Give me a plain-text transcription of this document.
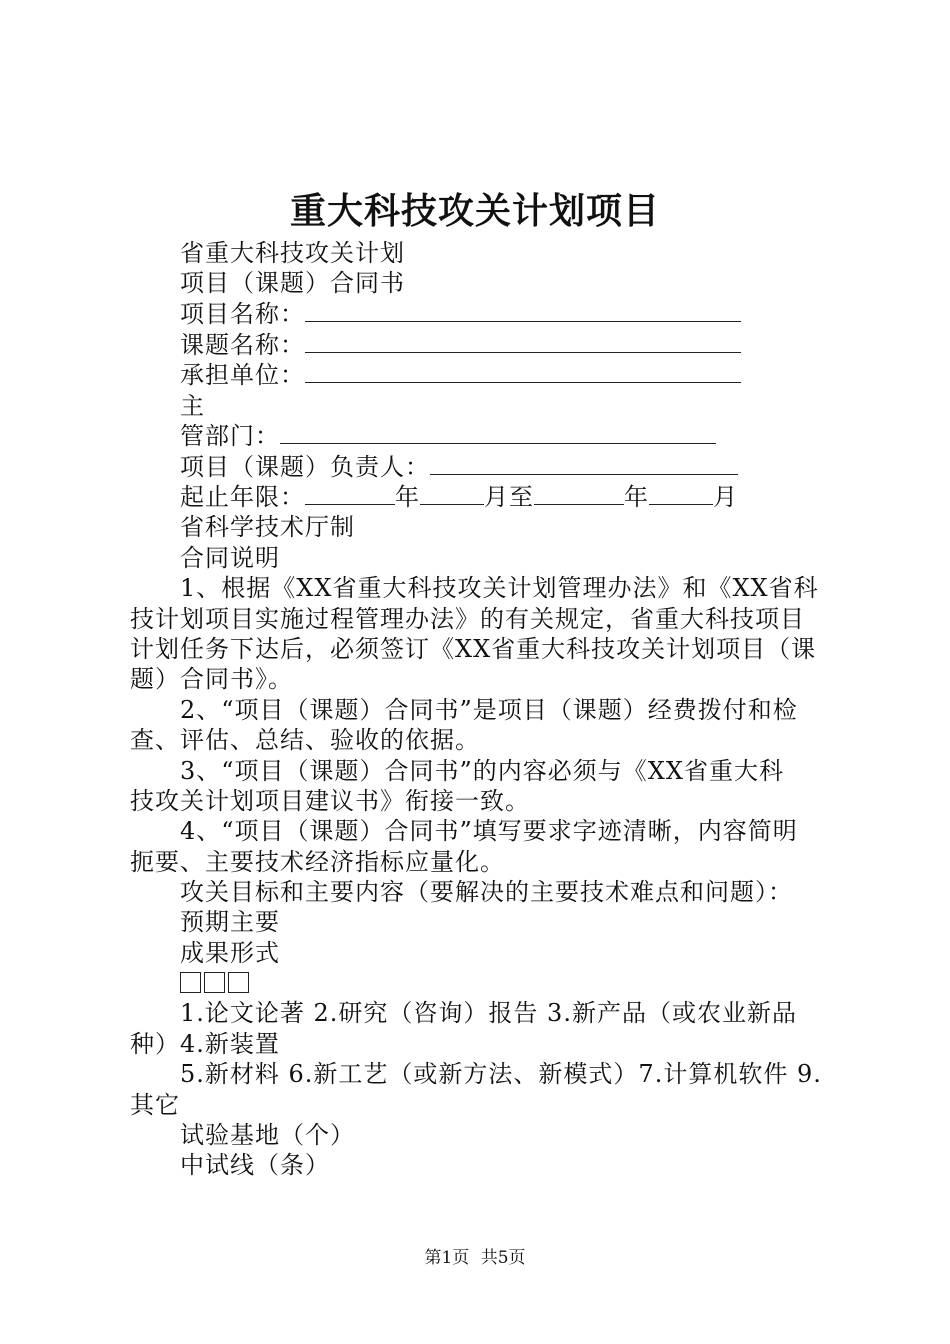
重大科技攻关计划项目
省重大科技攻关计划
项目（课题）合同书
项目名称：
课题名称：
承担单位：
主
管部门：
项目（课题）负责人：
起止年限：	年	月至	年	月
省科学技术厅制
合同说明
1、根据《XX省重大科技攻关计划管理办法》和《XX省科
技计划项目实施过程管理办法》的有关规定，省重大科技项目
计划任务下达后，必须签订《XX省重大科技攻关计划项目（课
题）合同书》。
2、“项目（课题）合同书”是项目（课题）经费拨付和检
查、评估、总结、验收的依据。
3、“项目（课题）合同书”的内容必须与《XX省重大科
技攻关计划项目建议书》衔接一致。
4、“项目（课题）合同书”填写要求字迹清晰，内容简明
扼要、主要技术经济指标应量化。
攻关目标和主要内容（要解决的主要技术难点和问题）：
预期主要
成果形式
1.论文论著 2.研究（咨询）报告 3.新产品（或农业新品
种）4.新装置
5.新材料 6.新工艺（或新方法、新模式）7.计算机软件 9.
其它
试验基地（个）
中试线（条）
第1页 共5页
